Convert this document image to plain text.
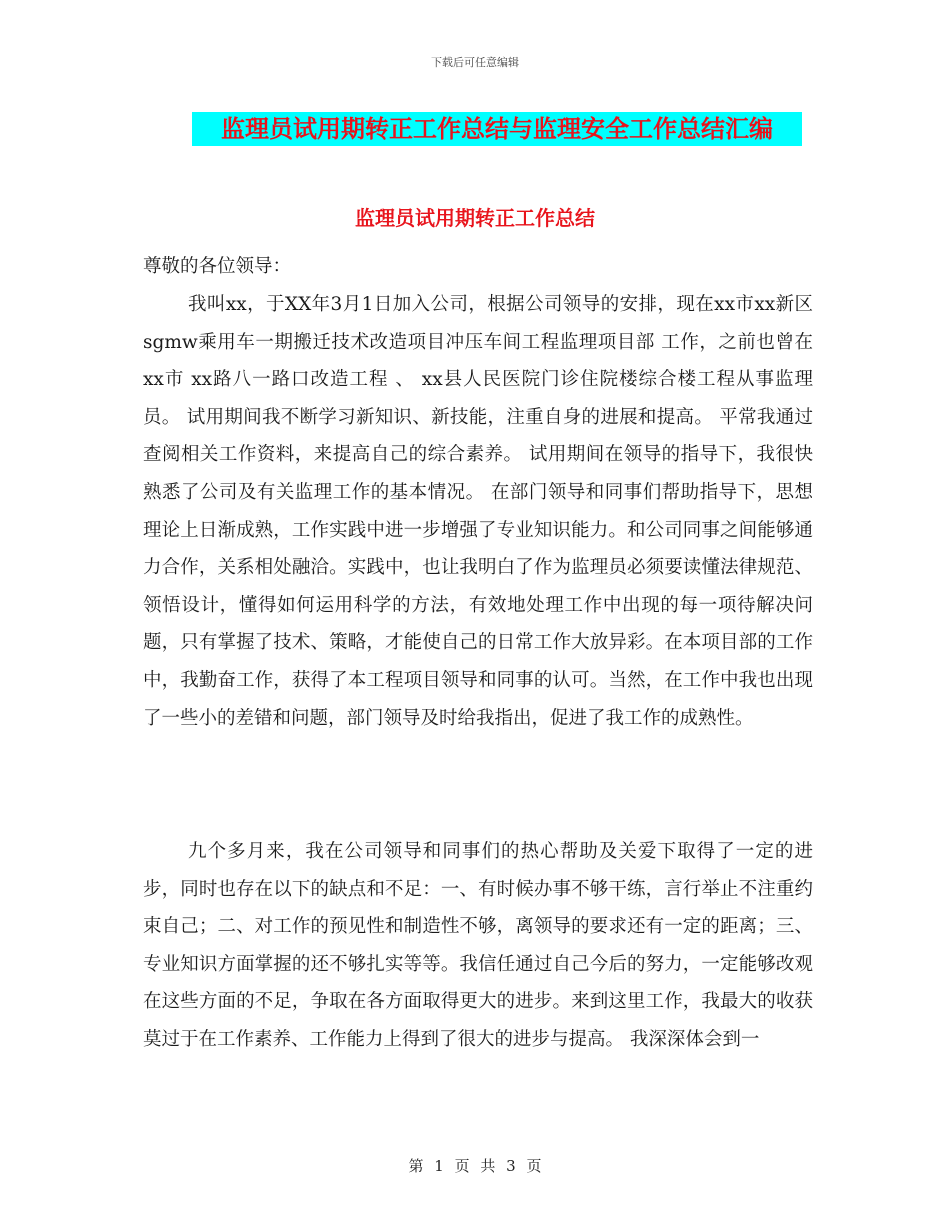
下载后可任意编辑
监理员试用期转正工作总结与监理安全工作总结汇编
监理员试用期转正工作总结
尊敬的各位领导：
我叫xx，于XX年3月1日加入公司，根据公司领导的安排，现在xx市xx新区sgmw乘用车一期搬迁技术改造项目冲压车间工程监理项目部 工作，之前也曾在xx市 xx路八一路口改造工程 、 xx县人民医院门诊住院楼综合楼工程从事监理员。 试用期间我不断学习新知识、新技能，注重自身的进展和提高。 平常我通过查阅相关工作资料，来提高自己的综合素养。 试用期间在领导的指导下，我很快熟悉了公司及有关监理工作的基本情况。 在部门领导和同事们帮助指导下，思想理论上日渐成熟，工作实践中进一步增强了专业知识能力。和公司同事之间能够通力合作，关系相处融洽。实践中，也让我明白了作为监理员必须要读懂法律规范、领悟设计，懂得如何运用科学的方法，有效地处理工作中出现的每一项待解决问题，只有掌握了技术、策略，才能使自己的日常工作大放异彩。在本项目部的工作中，我勤奋工作，获得了本工程项目领导和同事的认可。当然，在工作中我也出现了一些小的差错和问题，部门领导及时给我指出，促进了我工作的成熟性。
九个多月来，我在公司领导和同事们的热心帮助及关爱下取得了一定的进步，同时也存在以下的缺点和不足：一、有时候办事不够干练，言行举止不注重约束自己；二、对工作的预见性和制造性不够，离领导的要求还有一定的距离；三、专业知识方面掌握的还不够扎实等等。我信任通过自己今后的努力，一定能够改观在这些方面的不足，争取在各方面取得更大的进步。来到这里工作，我最大的收获莫过于在工作素养、工作能力上得到了很大的进步与提高。 我深深体会到一
第 1 页 共 3 页
